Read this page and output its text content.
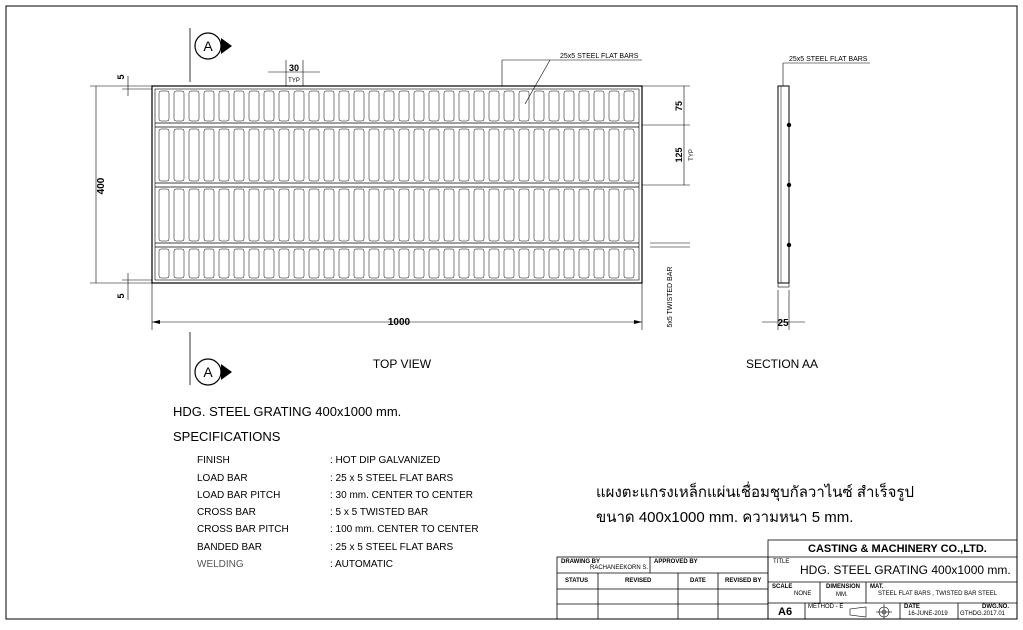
400
5
5
30
TYP
25x5 STEEL FLAT BARS
75
125 TYP
5x5 TWISTED BAR
1000
A
A	TOP VIEW	SECTION AA
25x5 STEEL FLAT BARS
25
HDG. STEEL GRATING 400x1000 mm.
SPECIFICATIONS
FINISH	: HOT DIP GALVANIZED
LOAD BAR	: 25 x 5 STEEL FLAT BARS
LOAD BAR PITCH	: 30 mm. CENTER TO CENTER
CROSS BAR	: 5 x 5 TWISTED BAR
CROSS BAR PITCH	: 100 mm. CENTER TO CENTER
BANDED BAR	: 25 x 5 STEEL FLAT BARS
WELDING	: AUTOMATIC
แผงตะแกรงเหล็กแผ่นเชื่อมชุบกัลวาไนซ์ สำเร็จรูป
ขนาด 400x1000 mm. ความหนา 5 mm.
CASTING & MACHINERY CO.,LTD.
TITLE
HDG. STEEL GRATING 400x1000 mm.
DRAWING BY
RACHANEEKORN S.
APPROVED BY
STATUS	REVISED	DATE	REVISED BY
SCALE
NONE
DIMENSION
MM.
MAT.
STEEL FLAT BARS , TWISTED BAR STEEL
A6	METHOD - E	DATE
16-JUNE-2019
DWG.NO.
GTHDG.2017.01
